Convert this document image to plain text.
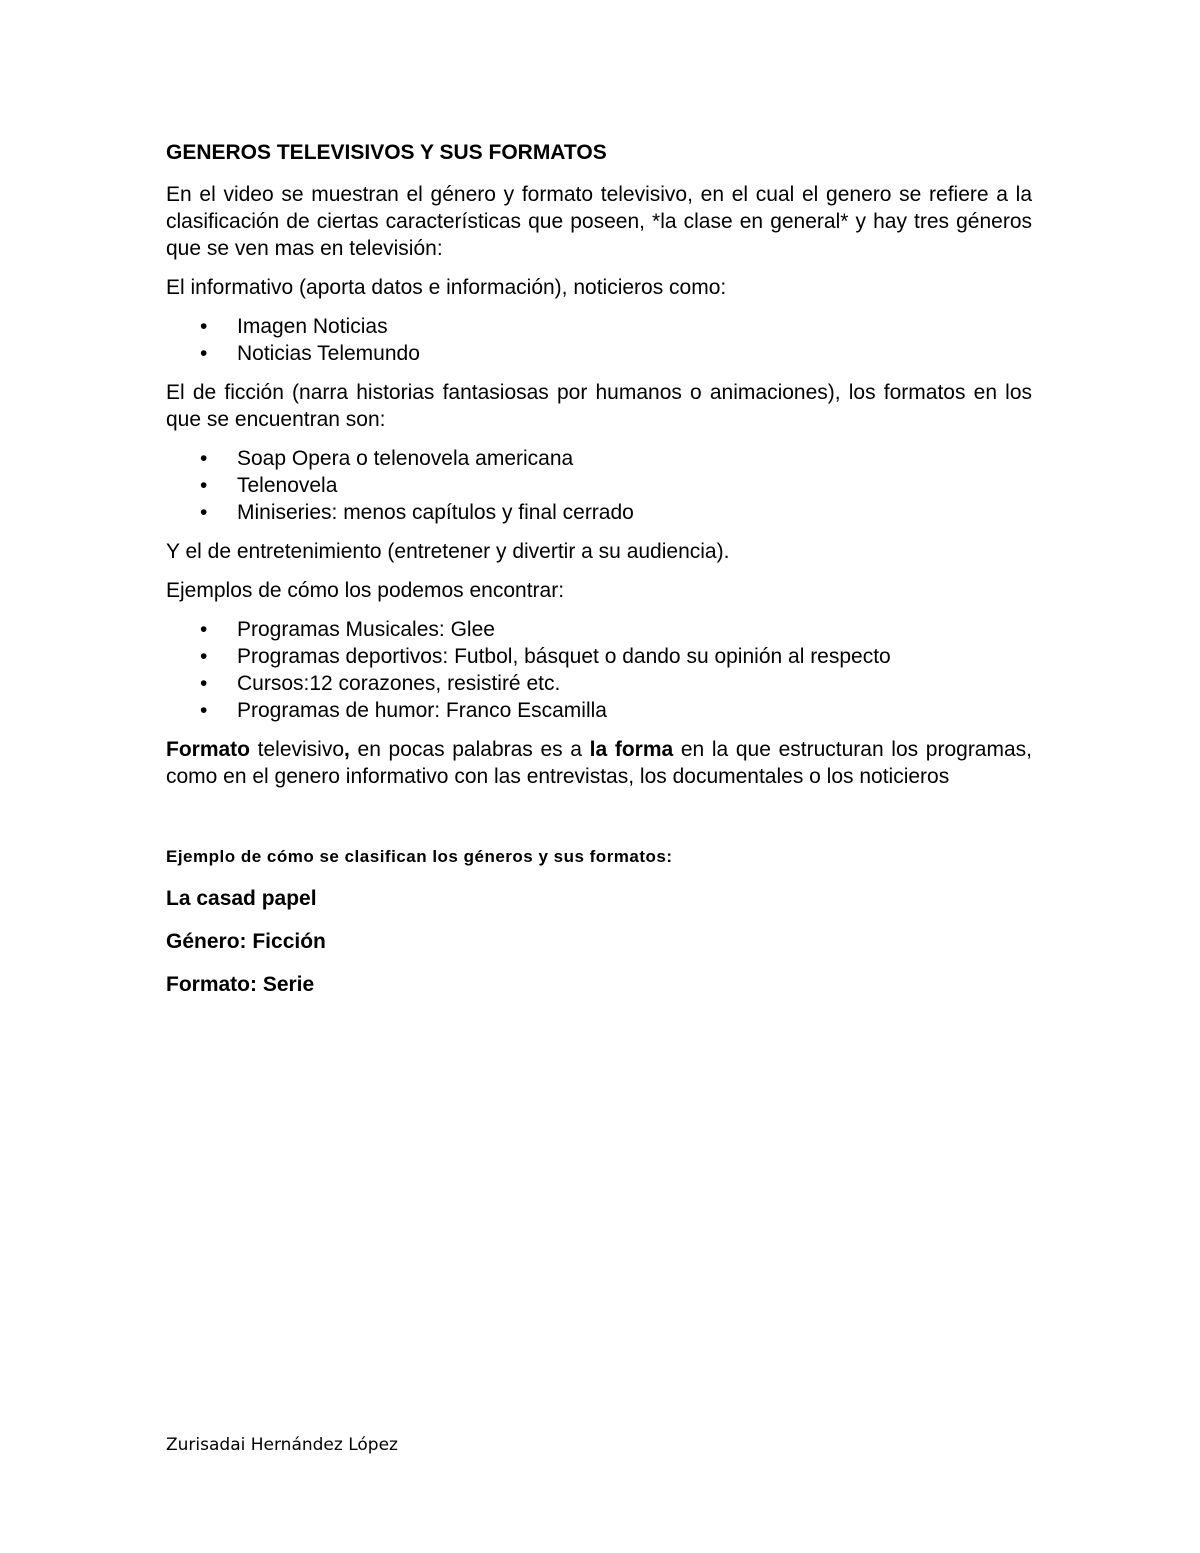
GENEROS TELEVISIVOS Y SUS FORMATOS

En el video se muestran el género y formato televisivo, en el cual el genero se refiere a la clasificación de ciertas características que poseen, *la clase en general* y hay tres géneros que se ven mas en televisión:

El informativo (aporta datos e información), noticieros como:

• Imagen Noticias
• Noticias Telemundo

El de ficción (narra historias fantasiosas por humanos o animaciones), los formatos en los que se encuentran son:

• Soap Opera o telenovela americana
• Telenovela
• Miniseries: menos capítulos y final cerrado

Y el de entretenimiento (entretener y divertir a su audiencia).

Ejemplos de cómo los podemos encontrar:

• Programas Musicales: Glee
• Programas deportivos: Futbol, básquet o dando su opinión al respecto
• Cursos:12 corazones, resistiré etc.
• Programas de humor: Franco Escamilla

Formato televisivo, en pocas palabras es a la forma en la que estructuran los programas, como en el genero informativo con las entrevistas, los documentales o los noticieros

Ejemplo de cómo se clasifican los géneros y sus formatos:
La casad papel
Género: Ficción
Formato: Serie
Zurisadai Hernández López
